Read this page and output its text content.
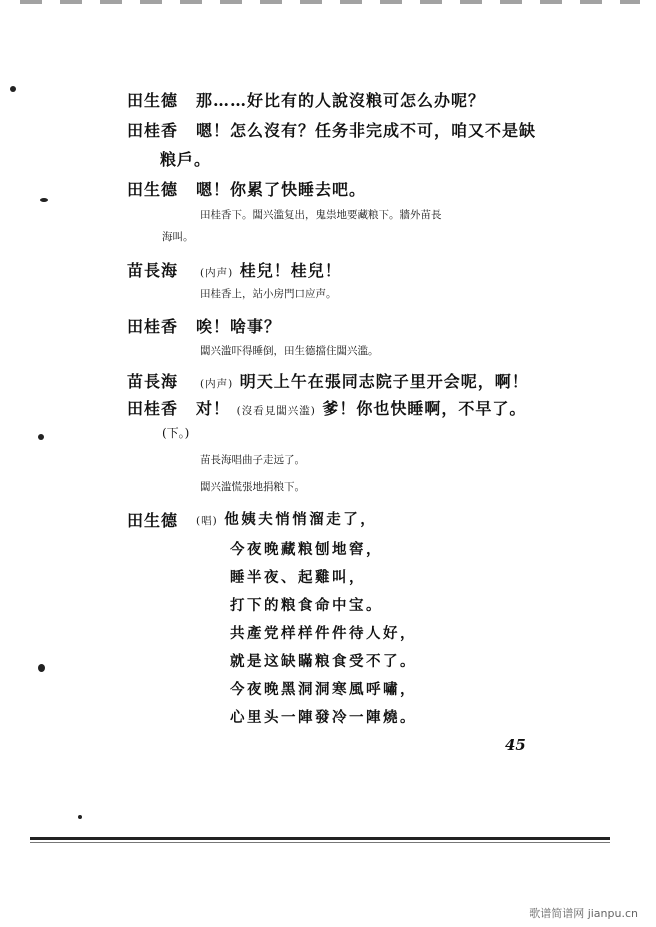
田生德 那……好比有的人說沒粮可怎么办呢？
田桂香 嗯！怎么沒有？任务非完成不可，咱又不是缺
粮戶。
田生德 嗯！你累了快睡去吧。
田桂香下。闆兴滥复出，鬼祟地要藏粮下。牆外苗長
海叫。
苗長海 (内声) 桂兒！桂兒！
田桂香上，站小房門口应声。
田桂香 唉！啥事？
闆兴滥吓得睡倒，田生德擋住闆兴滥。
苗長海 (内声) 明天上午在張同志院子里开会呢，啊！
田桂香 对！ (沒看見闆兴滥) 爹！你也快睡啊，不早了。
(下。)
苗長海唱曲子走远了。
闆兴滥慌張地捐粮下。
田生德 (唱) 他姨夫悄悄溜走了，
今夜晚藏粮刨地窖，
睡半夜、起雞叫，
打下的粮食命中宝。
共產党样样件件待人好，
就是这缺瞞粮食受不了。
今夜晚黑洞洞寒風呼嘯，
心里头一陣發冷一陣燒。
45
歌谱简谱网 jianpu.cn
